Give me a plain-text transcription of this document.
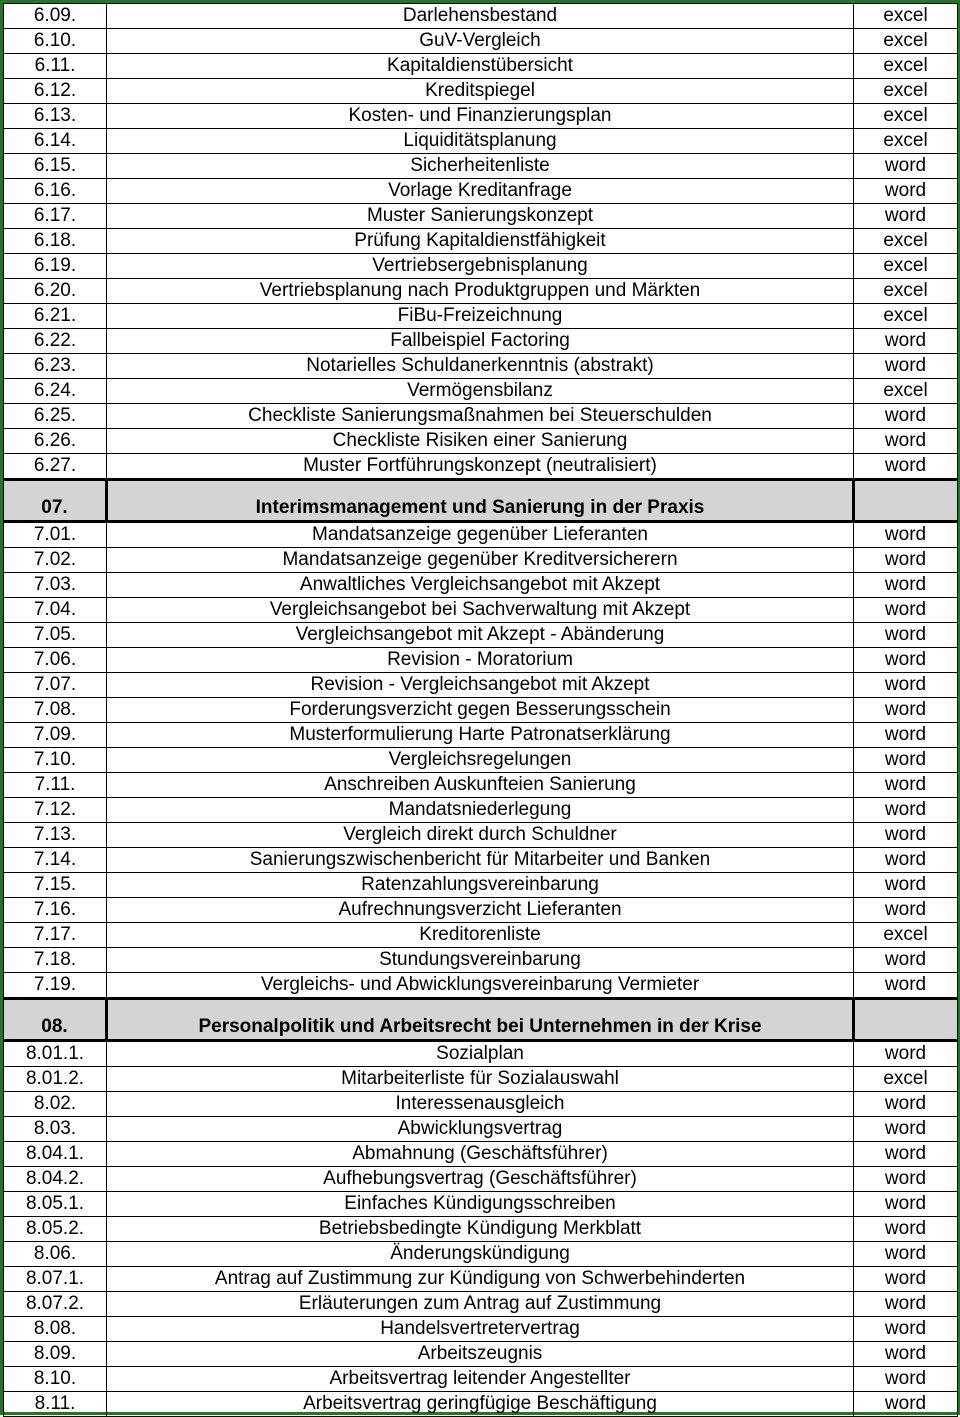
6.09.	Darlehensbestand	excel
6.10.	GuV-Vergleich	excel
6.11.	Kapitaldienstübersicht	excel
6.12.	Kreditspiegel	excel
6.13.	Kosten- und Finanzierungsplan	excel
6.14.	Liquiditätsplanung	excel
6.15.	Sicherheitenliste	word
6.16.	Vorlage Kreditanfrage	word
6.17.	Muster Sanierungskonzept	word
6.18.	Prüfung Kapitaldienstfähigkeit	excel
6.19.	Vertriebsergebnisplanung	excel
6.20.	Vertriebsplanung nach Produktgruppen und Märkten	excel
6.21.	FiBu-Freizeichnung	excel
6.22.	Fallbeispiel Factoring	word
6.23.	Notarielles Schuldanerkenntnis (abstrakt)	word
6.24.	Vermögensbilanz	excel
6.25.	Checkliste Sanierungsmaßnahmen bei Steuerschulden	word
6.26.	Checkliste Risiken einer Sanierung	word
6.27.	Muster Fortführungskonzept (neutralisiert)	word
07.	Interimsmanagement und Sanierung in der Praxis	
7.01.	Mandatsanzeige gegenüber Lieferanten	word
7.02.	Mandatsanzeige gegenüber Kreditversicherern	word
7.03.	Anwaltliches Vergleichsangebot mit Akzept	word
7.04.	Vergleichsangebot bei Sachverwaltung mit Akzept	word
7.05.	Vergleichsangebot mit Akzept - Abänderung	word
7.06.	Revision - Moratorium	word
7.07.	Revision - Vergleichsangebot mit Akzept	word
7.08.	Forderungsverzicht gegen Besserungsschein	word
7.09.	Musterformulierung Harte Patronatserklärung	word
7.10.	Vergleichsregelungen	word
7.11.	Anschreiben Auskunfteien Sanierung	word
7.12.	Mandatsniederlegung	word
7.13.	Vergleich direkt durch Schuldner	word
7.14.	Sanierungszwischenbericht für Mitarbeiter und Banken	word
7.15.	Ratenzahlungsvereinbarung	word
7.16.	Aufrechnungsverzicht Lieferanten	word
7.17.	Kreditorenliste	excel
7.18.	Stundungsvereinbarung	word
7.19.	Vergleichs- und Abwicklungsvereinbarung Vermieter	word
08.	Personalpolitik und Arbeitsrecht bei Unternehmen in der Krise	
8.01.1.	Sozialplan	word
8.01.2.	Mitarbeiterliste für Sozialauswahl	excel
8.02.	Interessenausgleich	word
8.03.	Abwicklungsvertrag	word
8.04.1.	Abmahnung (Geschäftsführer)	word
8.04.2.	Aufhebungsvertrag (Geschäftsführer)	word
8.05.1.	Einfaches Kündigungsschreiben	word
8.05.2.	Betriebsbedingte Kündigung Merkblatt	word
8.06.	Änderungskündigung	word
8.07.1.	Antrag auf Zustimmung zur Kündigung von Schwerbehinderten	word
8.07.2.	Erläuterungen zum Antrag auf Zustimmung	word
8.08.	Handelsvertretervertrag	word
8.09.	Arbeitszeugnis	word
8.10.	Arbeitsvertrag leitender Angestellter	word
8.11.	Arbeitsvertrag geringfügige Beschäftigung	word
